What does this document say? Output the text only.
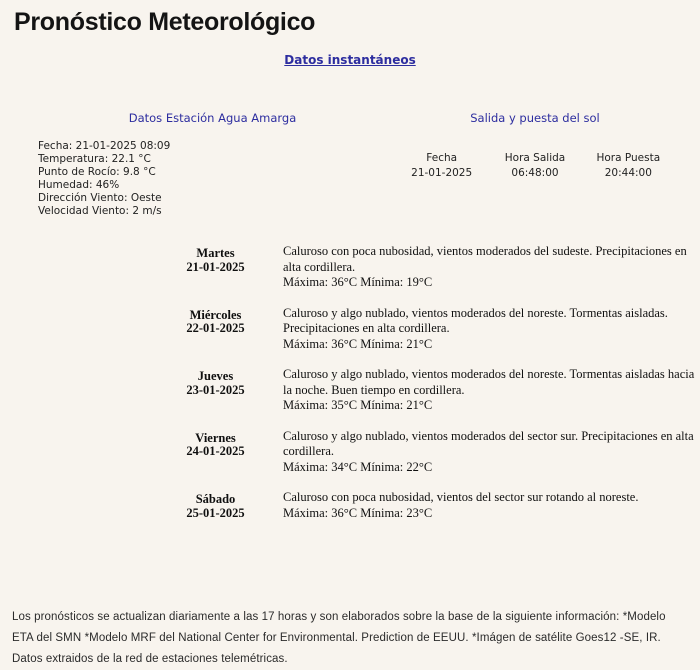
Pronóstico Meteorológico
Datos instantáneos
Datos Estación Agua Amarga
Fecha: 21-01-2025 08:09
Temperatura: 22.1 °C
Punto de Rocío: 9.8 °C
Humedad: 46%
Dirección Viento: Oeste
Velocidad Viento: 2 m/s
Salida y puesta del sol
Fecha
21-01-2025
Hora Salida
06:48:00
Hora Puesta
20:44:00
Martes
21-01-2025
Caluroso con poca nubosidad, vientos moderados del sudeste. Precipitaciones en alta cordillera.
Máxima: 36°C Mínima: 19°C
Miércoles
22-01-2025
Caluroso y algo nublado, vientos moderados del noreste. Tormentas aisladas. Precipitaciones en alta cordillera.
Máxima: 36°C Mínima: 21°C
Jueves
23-01-2025
Caluroso y algo nublado, vientos moderados del noreste. Tormentas aisladas hacia la noche. Buen tiempo en cordillera.
Máxima: 35°C Mínima: 21°C
Viernes
24-01-2025
Caluroso y algo nublado, vientos moderados del sector sur. Precipitaciones en alta cordillera.
Máxima: 34°C Mínima: 22°C
Sábado
25-01-2025
Caluroso con poca nubosidad, vientos del sector sur rotando al noreste.
Máxima: 36°C Mínima: 23°C
Los pronósticos se actualizan diariamente a las 17 horas y son elaborados sobre la base de la siguiente información: *Modelo ETA del SMN *Modelo MRF del National Center for Environmental. Prediction de EEUU. *Imágen de satélite Goes12 -SE, IR. Datos extraidos de la red de estaciones telemétricas.
